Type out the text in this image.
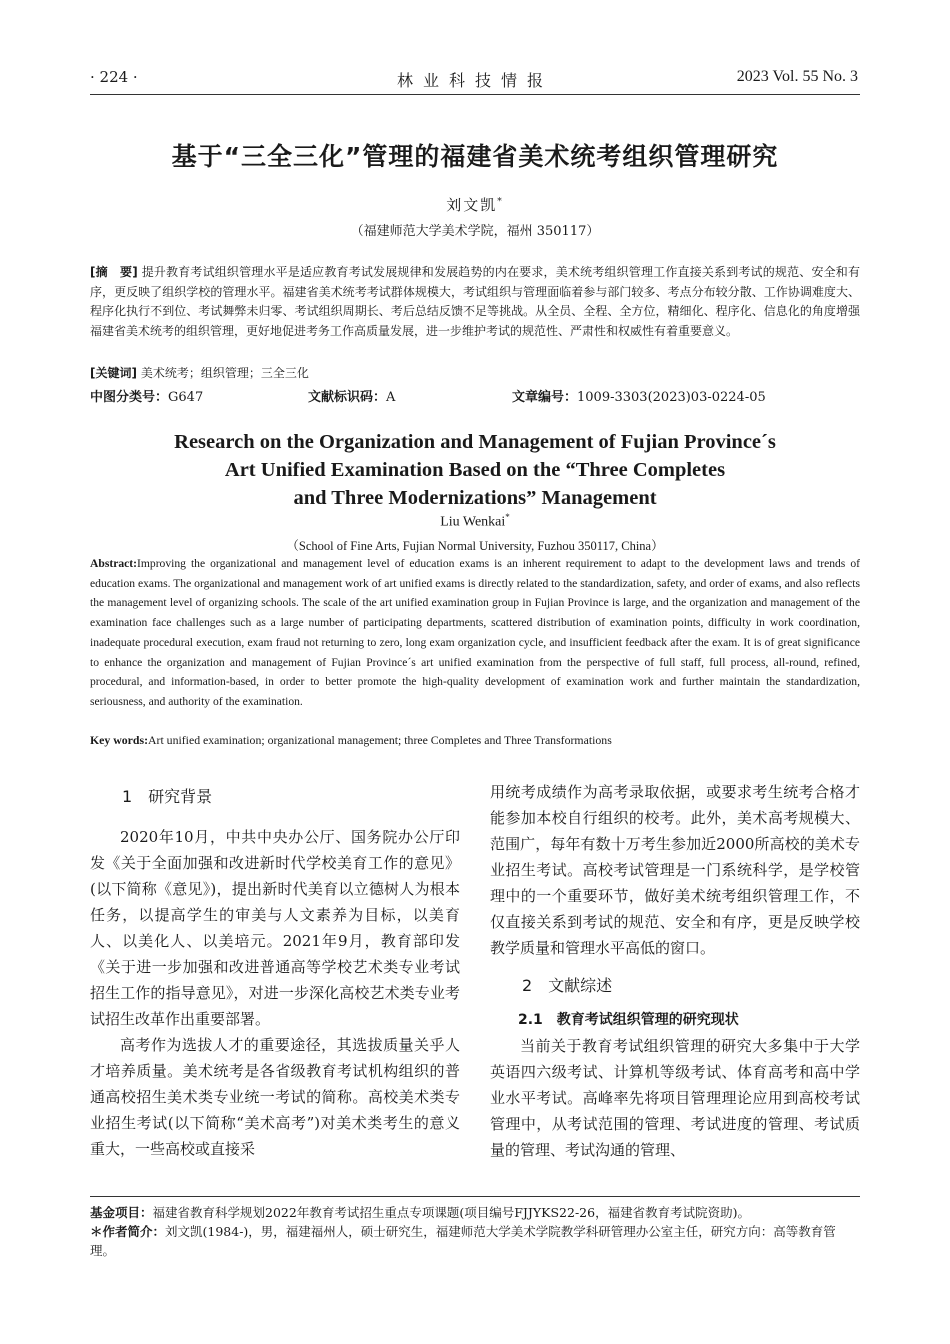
· 224 ·	林业科技情报	2023 Vol. 55 No. 3
基于“三全三化”管理的福建省美术统考组织管理研究
刘文凯*
（福建师范大学美术学院，福州 350117）
[摘　要] 提升教育考试组织管理水平是适应教育考试发展规律和发展趋势的内在要求，美术统考组织管理工作直接关系到考试的规范、安全和有序，更反映了组织学校的管理水平。福建省美术统考考试群体规模大，考试组织与管理面临着参与部门较多、考点分布较分散、工作协调难度大、程序化执行不到位、考试舞弊未归零、考试组织周期长、考后总结反馈不足等挑战。从全员、全程、全方位，精细化、程序化、信息化的角度增强福建省美术统考的组织管理，更好地促进考务工作高质量发展，进一步维护考试的规范性、严肃性和权威性有着重要意义。
[关键词] 美术统考；组织管理；三全三化
中图分类号：G647	文献标识码：A	文章编号：1009-3303(2023)03-0224-05
Research on the Organization and Management of Fujian Province´s
Art Unified Examination Based on the “Three Completes
and Three Modernizations” Management
Liu Wenkai*
（School of Fine Arts, Fujian Normal University, Fuzhou 350117, China）
Abstract:Improving the organizational and management level of education exams is an inherent requirement to adapt to the development laws and trends of education exams. The organizational and management work of art unified exams is directly related to the standardization, safety, and order of exams, and also reflects the management level of organizing schools. The scale of the art unified examination group in Fujian Province is large, and the organization and management of the examination face challenges such as a large number of participating departments, scattered distribution of examination points, difficulty in work coordination, inadequate procedural execution, exam fraud not returning to zero, long exam organization cycle, and insufficient feedback after the exam. It is of great significance to enhance the organization and management of Fujian Province´s art unified examination from the perspective of full staff, full process, all-round, refined, procedural, and information-based, in order to better promote the high-quality development of examination work and further maintain the standardization, seriousness, and authority of the examination.
Key words:Art unified examination; organizational management; three Completes and Three Transformations

1　研究背景

2020年10月，中共中央办公厅、国务院办公厅印发《关于全面加强和改进新时代学校美育工作的意见》(以下简称《意见》)，提出新时代美育以立德树人为根本任务，以提高学生的审美与人文素养为目标，以美育人、以美化人、以美培元。2021年9月，教育部印发《关于进一步加强和改进普通高等学校艺术类专业考试招生工作的指导意见》，对进一步深化高校艺术类专业考试招生改革作出重要部署。

高考作为选拔人才的重要途径，其选拔质量关乎人才培养质量。美术统考是各省级教育考试机构组织的普通高校招生美术类专业统一考试的简称。高校美术类专业招生考试(以下简称“美术高考”)对美术类考生的意义重大，一些高校或直接采

用统考成绩作为高考录取依据，或要求考生统考合格才能参加本校自行组织的校考。此外，美术高考规模大、范围广，每年有数十万考生参加近2000所高校的美术专业招生考试。高校考试管理是一门系统科学，是学校管理中的一个重要环节，做好美术统考组织管理工作，不仅直接关系到考试的规范、安全和有序，更是反映学校教学质量和管理水平高低的窗口。

2　文献综述

2.1　教育考试组织管理的研究现状

当前关于教育考试组织管理的研究大多集中于大学英语四六级考试、计算机等级考试、体育高考和高中学业水平考试。高峰率先将项目管理理论应用到高校考试管理中，从考试范围的管理、考试进度的管理、考试质量的管理、考试沟通的管理、

基金项目：福建省教育科学规划2022年教育考试招生重点专项课题(项目编号FJJYKS22-26，福建省教育考试院资助)。
＊作者简介：刘文凯(1984-)，男，福建福州人，硕士研究生，福建师范大学美术学院教学科研管理办公室主任，研究方向：高等教育管理。
